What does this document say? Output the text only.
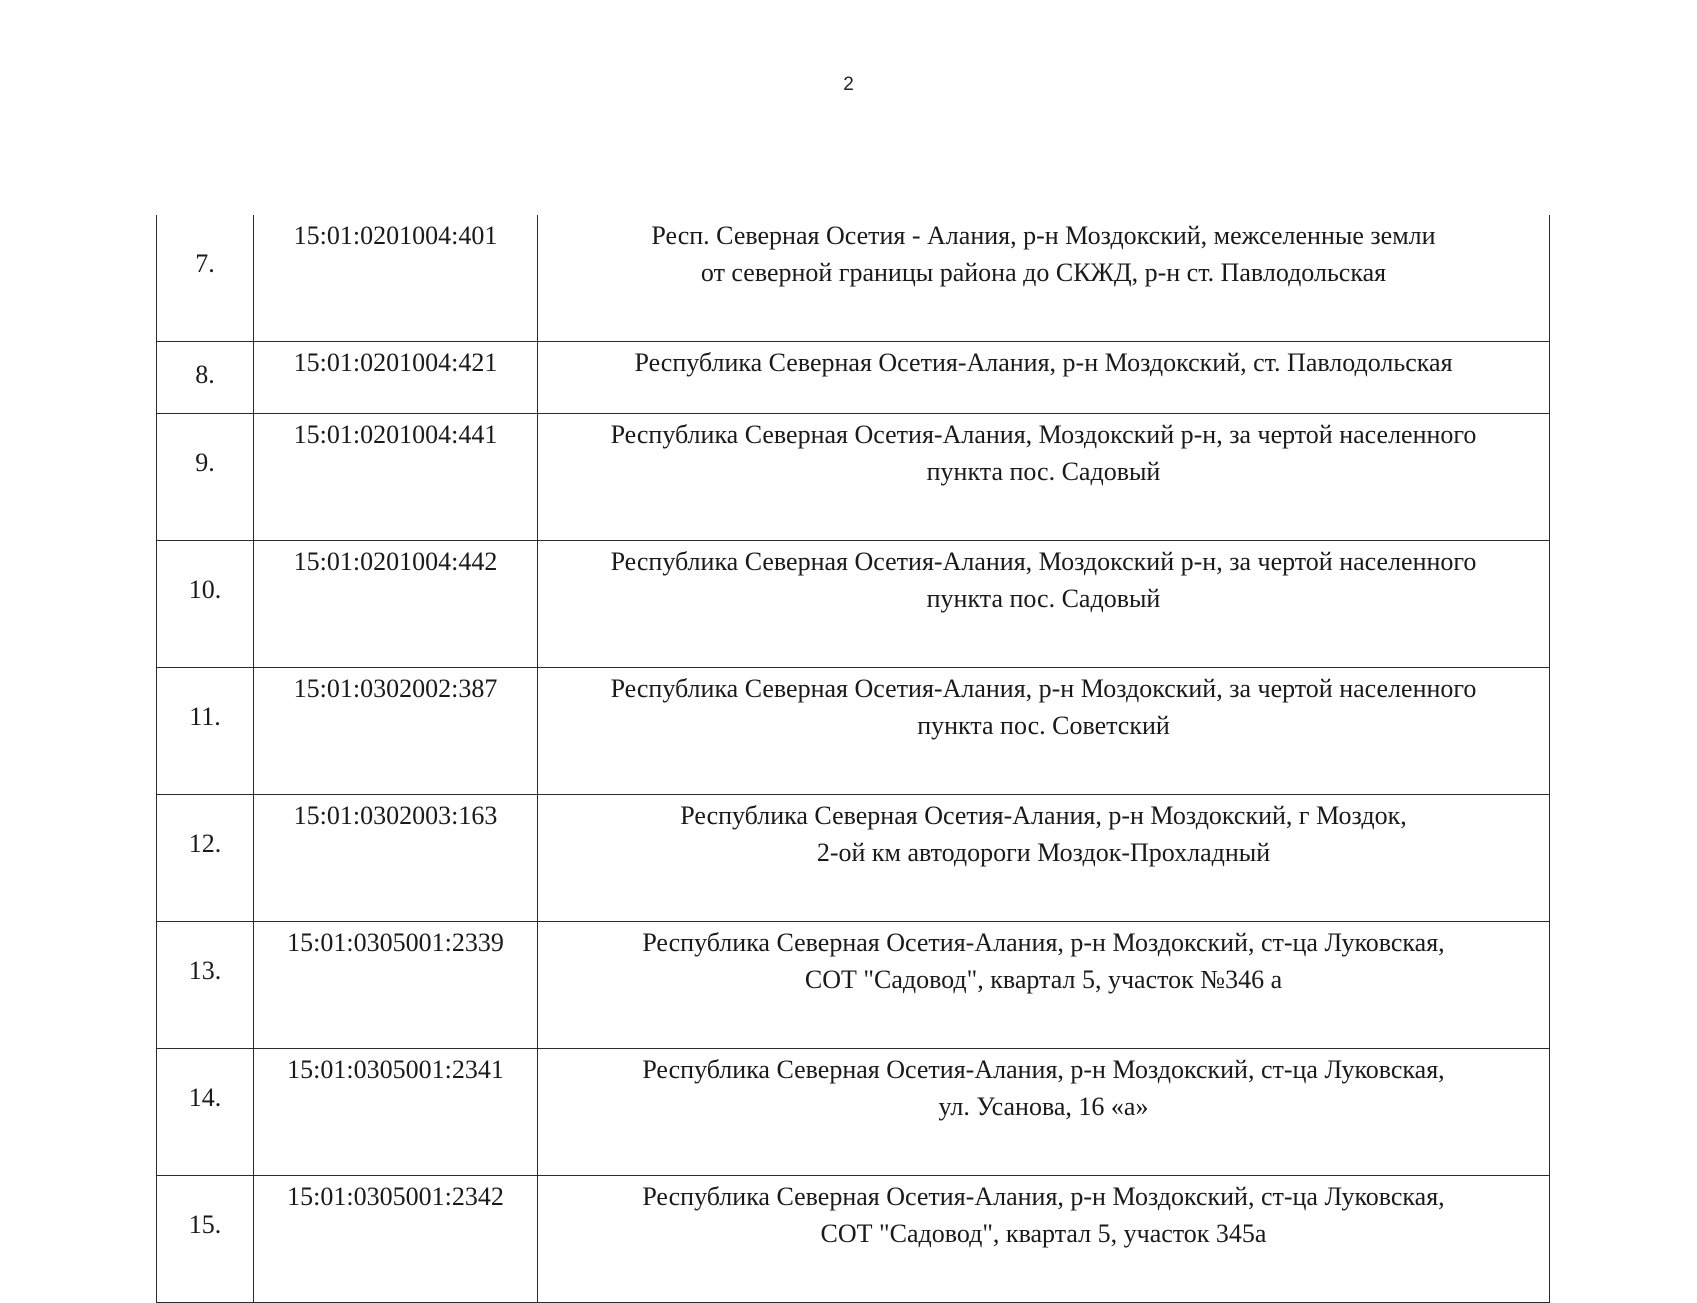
2
7.	15:01:0201004:401	Респ. Северная Осетия - Алания, р-н Моздокский, межселенные земли
от северной границы района до СКЖД, р-н ст. Павлодольская

8.	15:01:0201004:421	Республика Северная Осетия-Алания, р-н Моздокский, ст. Павлодольская

9.	15:01:0201004:441	Республика Северная Осетия-Алания, Моздокский р-н, за чертой населенного
пункта пос. Садовый

10.	15:01:0201004:442	Республика Северная Осетия-Алания, Моздокский р-н, за чертой населенного
пункта пос. Садовый

11.	15:01:0302002:387	Республика Северная Осетия-Алания, р-н Моздокский, за чертой населенного
пункта пос. Советский

12.	15:01:0302003:163	Республика Северная Осетия-Алания, р-н Моздокский, г Моздок,
2-ой км автодороги Моздок-Прохладный

13.	15:01:0305001:2339	Республика Северная Осетия-Алания, р-н Моздокский, ст-ца Луковская,
СОТ "Садовод", квартал 5, участок №346 а

14.	15:01:0305001:2341	Республика Северная Осетия-Алания, р-н Моздокский, ст-ца Луковская,
ул. Усанова, 16 «а»

15.	15:01:0305001:2342	Республика Северная Осетия-Алания, р-н Моздокский, ст-ца Луковская,
СОТ "Садовод", квартал 5, участок 345а
